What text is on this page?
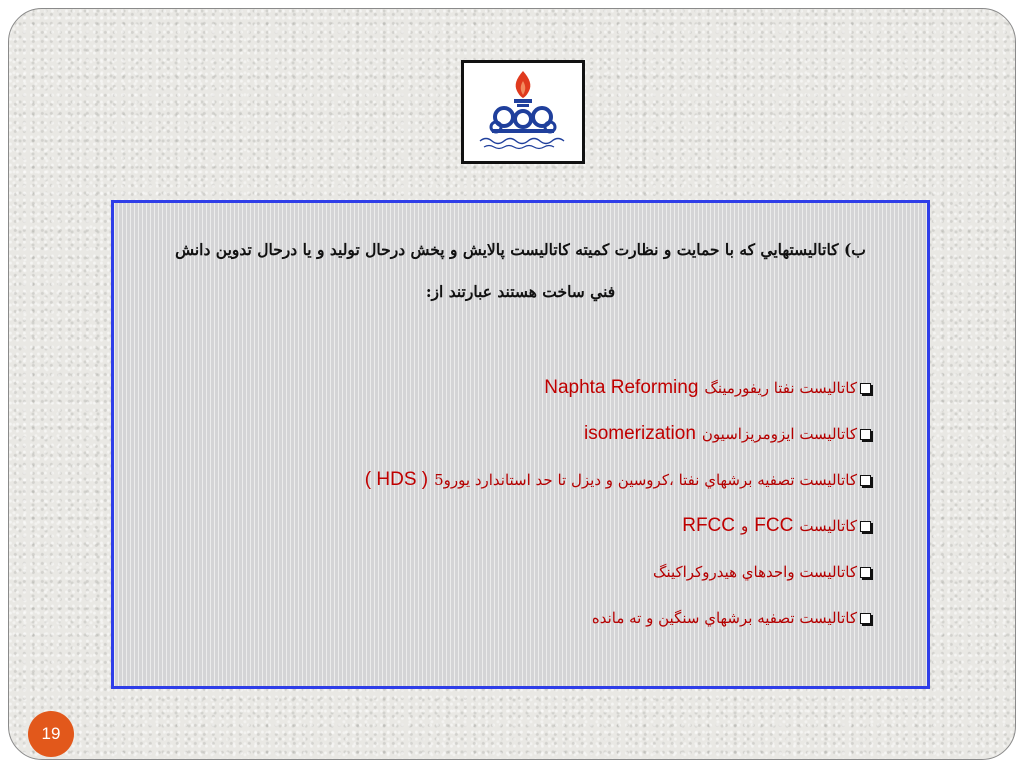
ب) كاتاليستهايي كه با حمايت و نظارت كميته كاتاليست پالايش و پخش درحال توليد و يا درحال تدوين دانش

فني ساخت هستند عبارتند از:

كاتاليست نفتا ريفورمينگ
Naphta Reforming
كاتاليست ايزومريزاسيون
isomerization
كاتاليست تصفيه برشهاي نفتا ،كروسين و ديزل تا حد استاندارد يورو5
( HDS )
كاتاليست
FCC
و
RFCC
كاتاليست واحدهاي هيدروكراكينگ
كاتاليست تصفيه برشهاي سنگين و ته مانده
19
